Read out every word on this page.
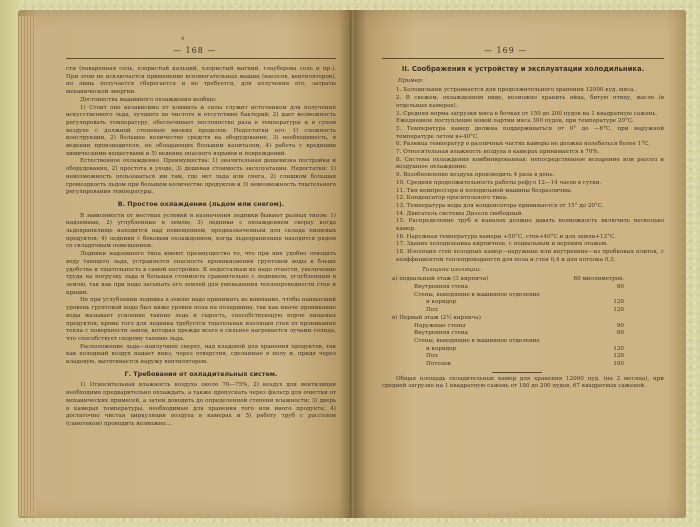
4
— 168 —

сти (поваренная соль, хлористый кальций, хлористый магний, глауберова соль и пр.). При этом не исключается применение вспомогательных машин (насосов, вентиляторов), но лишь получается сберегается и не требуется, для получения его, затраты механической энергии.

Достоинства машинного охлаждения вообще:

1) Стоит оно независимо от климата и силы служит источником для получения искусственного льда, лучшего по чистоте и отсутствию бактерий; 2) дает возможность регулировать температуру, обеспечивает постоянство раза в температуры и в сухом воздухе с должной степенью низких пределов. Недостатки его: 1) сложность конструкции, 2) большее количество средств на оборудование, 3) необходимость, в ведении производителя, не обладающих большим капиталом, 4) работа с вредными химическими веществами и 5) ведение опасного взрывов и повреждений.

Естественное охлаждение. Преимущества: 1) значительная дешевизна постройки и оборудования, 2) простота в уходе, 3) дешевая стоимость эксплуатации. Недостатки: 1) невозможность пользоваться им там, где нет льда или снега, 2) слишком большая громоздкость льдом при большом количестве продуктов и 3) невозможность тщательного регулирования температуры.

В. Простое охлаждение (льдом или снегом).

В зависимости от местных условий и назначения ледники бывают разных типов: 1) надземные, 2) углубленные в землю, 3) ледники с охлаждением сверху когда льдохранилище находится над помещением, предназначенным для склада пищевых продуктов; 4) ледники с боковым охлаждением, когда льдохранилище находится рядом со складочным помещением.

Ледники надземного типа имеют преимущество то, что при них удобно отводить воду тающего льда, устраняется опасность проникновения грунтовой воды в бльше удобства и тщательность в самой постройке. К недостаткам их надо отнести, увеличение труда на погрузку льда и большая стоимость сравнительно с ледником, углубленным в землю, так как при надо засыпать его землей для уменьшения теплопроводности стен и крыши.

Не при углублении ледника в землю надо принимать во внимание, чтобы наивысший уровень грунтовой воды был ниже уровня пола на поларшина, так как иначе проникание воды вызывает усиление таяние льда и сырость, способствующую порче пищевых продуктов; кроме того для ледника требуется тщательная изоляция стен от проникания тепла с поверхности земли, которая прежде всего в сильнее нагревается лучами солнца, что способствует скорому таянию льда.

Расположение льда—наилучшее сверху, над кладовой для хранения продуктов, так как холодный воздух падает вниз, через отверстия, сделанные в полу и, придя через кладовую, вытягивается наружу вентилятором.

Г. Требования от охладительных систем.

1) Относительная влажность воздуха около 70—75%, 2) воздух для вентиляции необходимо предварительно охлаждать, а также пропускать через фильтр для очистки от механических примесей, а затем доводить до определенной степени влажности; 3) дверь в камерах температуры, необходимые для хранения того или иного продукта; 4) достаточно чистая циркуляция воздуха в камерах и 5) работу труб с рассолом (самотеком) проводить возможно...

— 169 —
II. Соображения к устройству и эксплуатации холодильника.
Пример:

1. Холодильник устраивается для продолжительного хранения 12000 куд. мяса.

2. В свежем, охлажденном виде, возможно хранить яйца, битую птицу, масло (в отдельных камерах).

3. Средняя норма загрузки мяса в бочках от 150 до 200 пудов на 1 квадратную сажень.

Ежедневное поступление новой партии мяса 300 пудов, при температуре 20°C.

5. Температура камер должна поддерживаться от 0° до —6°C, при наружной температуре летом в+40°C.

6. Разница температур в различных частях камеры не должна колебаться более 1°C.

7. Относительная влажность воздуха в камерах принимается в 70%.

8. Система охлаждения комбинированная: непосредственное испарение или рассол и воздушное охлаждение.

9. Возобновление воздуха производить 4 раза в день.

10. Средняя продолжительность работы рефул 12—14 часов в сутки.

11. Тип компрессора и холодильной машины безразличны.

12. Конденсатор оросительного типа.

13. Температура воды для конденсатора принимается от 15° до 20°C.

14. Двигатель системы Дизеля свободный.

15. Распределение труб в каналах должно давать возможность включить несколько камер.

16. Наружная температура камеры +50°C, стен+40°C и для земли+12°C.

17. Здание холодильника кирпичное, с подвальным и верхним этажом.

18. Изоляция стен холодных камер—наружные или внутренние—из пробковых плиток, с коэффициентом теплопроводности для пола и стен 0,4 и для потолка 0,3.

Толщина изоляции:
а) подвальный этаж (3 кирпича)	80 миллиметров.
Внутренняя стена	60
Стены, выходящие в машинное отделение
и коридор	120
Пол	120
в) Первый этаж (2½ кирпича)
Наружные стены	90
Внутренняя стена	60
Стены, выходящие в машинное отделение
и коридор	120
Пол	120
Потолок	100

Общая площадь охладительных камер для хранения 12000 пуд. (на 2 месяца), при средней загрузке на 1 квадратную сажень от 180 до 200 пудов, 67 квадратных саженей.
